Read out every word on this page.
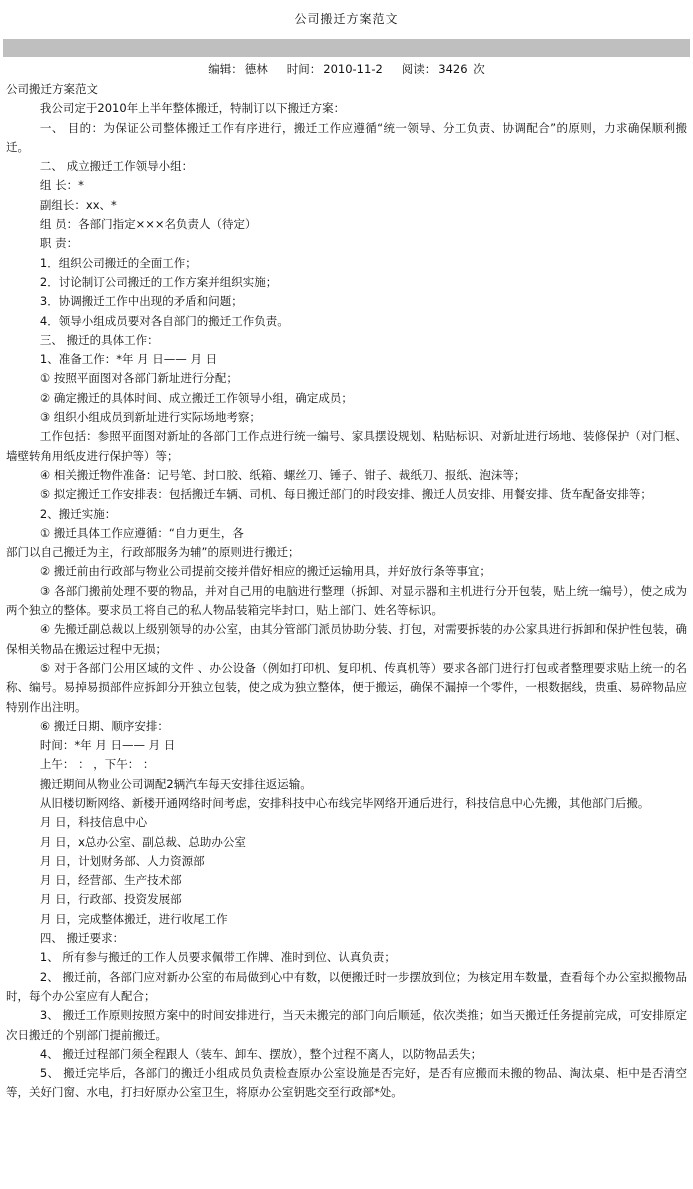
公司搬迁方案范文
编辑： 德林 时间： 2010-11-2 阅读： 3426 次

公司搬迁方案范文

我公司定于2010年上半年整体搬迁，特制订以下搬迁方案：

一、 目的：为保证公司整体搬迁工作有序进行，搬迁工作应遵循“统一领导、分工负责、协调配合”的原则，力求确保顺利搬迁。

二、 成立搬迁工作领导小组：

组 长：*

副组长：xx、*

组 员：各部门指定×××名负责人（待定）

职 责：

1．组织公司搬迁的全面工作；

2．讨论制订公司搬迁的工作方案并组织实施；

3．协调搬迁工作中出现的矛盾和问题；

4．领导小组成员要对各自部门的搬迁工作负责。

三、 搬迁的具体工作：

1、准备工作：*年 月 日—— 月 日

① 按照平面图对各部门新址进行分配；

② 确定搬迁的具体时间、成立搬迁工作领导小组，确定成员；

③ 组织小组成员到新址进行实际场地考察；

工作包括：参照平面图对新址的各部门工作点进行统一编号、家具摆设规划、粘贴标识、对新址进行场地、装修保护（对门框、墙壁转角用纸皮进行保护等）等；

④ 相关搬迁物件准备：记号笔、封口胶、纸箱、螺丝刀、锤子、钳子、裁纸刀、报纸、泡沫等；

⑤ 拟定搬迁工作安排表：包括搬迁车辆、司机、每日搬迁部门的时段安排、搬迁人员安排、用餐安排、货车配备安排等；

2、搬迁实施：

① 搬迁具体工作应遵循：“自力更生，各

部门以自己搬迁为主，行政部服务为辅”的原则进行搬迁；

② 搬迁前由行政部与物业公司提前交接并借好相应的搬迁运输用具，并好放行条等事宜；

③ 各部门搬前处理不要的物品，并对自己用的电脑进行整理（拆卸、对显示器和主机进行分开包装，贴上统一编号），使之成为两个独立的整体。要求员工将自己的私人物品装箱完毕封口，贴上部门、姓名等标识。

④ 先搬迁副总裁以上级别领导的办公室，由其分管部门派员协助分装、打包，对需要拆装的办公家具进行拆卸和保护性包装，确保相关物品在搬运过程中无损；

⑤ 对于各部门公用区域的文件 、办公设备（例如打印机、复印机、传真机等）要求各部门进行打包或者整理要求贴上统一的名称、编号。易掉易损部件应拆卸分开独立包装，使之成为独立整体，便于搬运，确保不漏掉一个零件，一根数据线，贵重、易碎物品应特别作出注明。

⑥ 搬迁日期、顺序安排：

时间：*年 月 日—— 月 日

上午： ： ，下午： ：

搬迁期间从物业公司调配2辆汽车每天安排往返运输。

从旧楼切断网络、新楼开通网络时间考虑，安排科技中心布线完毕网络开通后进行，科技信息中心先搬，其他部门后搬。

月 日，科技信息中心

月 日，x总办公室、副总裁、总助办公室

月 日，计划财务部、人力资源部

月 日，经营部、生产技术部

月 日，行政部、投资发展部

月 日，完成整体搬迁，进行收尾工作

四、 搬迁要求：

1、 所有参与搬迁的工作人员要求佩带工作牌、准时到位、认真负责；

2、 搬迁前，各部门应对新办公室的布局做到心中有数，以便搬迁时一步摆放到位；为核定用车数量，查看每个办公室拟搬物品时，每个办公室应有人配合；

3、 搬迁工作原则按照方案中的时间安排进行，当天未搬完的部门向后顺延，依次类推；如当天搬迁任务提前完成，可安排原定次日搬迁的个别部门提前搬迁。

4、 搬迁过程部门须全程跟人（装车、卸车、摆放），整个过程不离人，以防物品丢失；

5、 搬迁完毕后，各部门的搬迁小组成员负责检查原办公室设施是否完好，是否有应搬而未搬的物品、淘汰桌、柜中是否清空等，关好门窗、水电，打扫好原办公室卫生，将原办公室钥匙交至行政部*处。
